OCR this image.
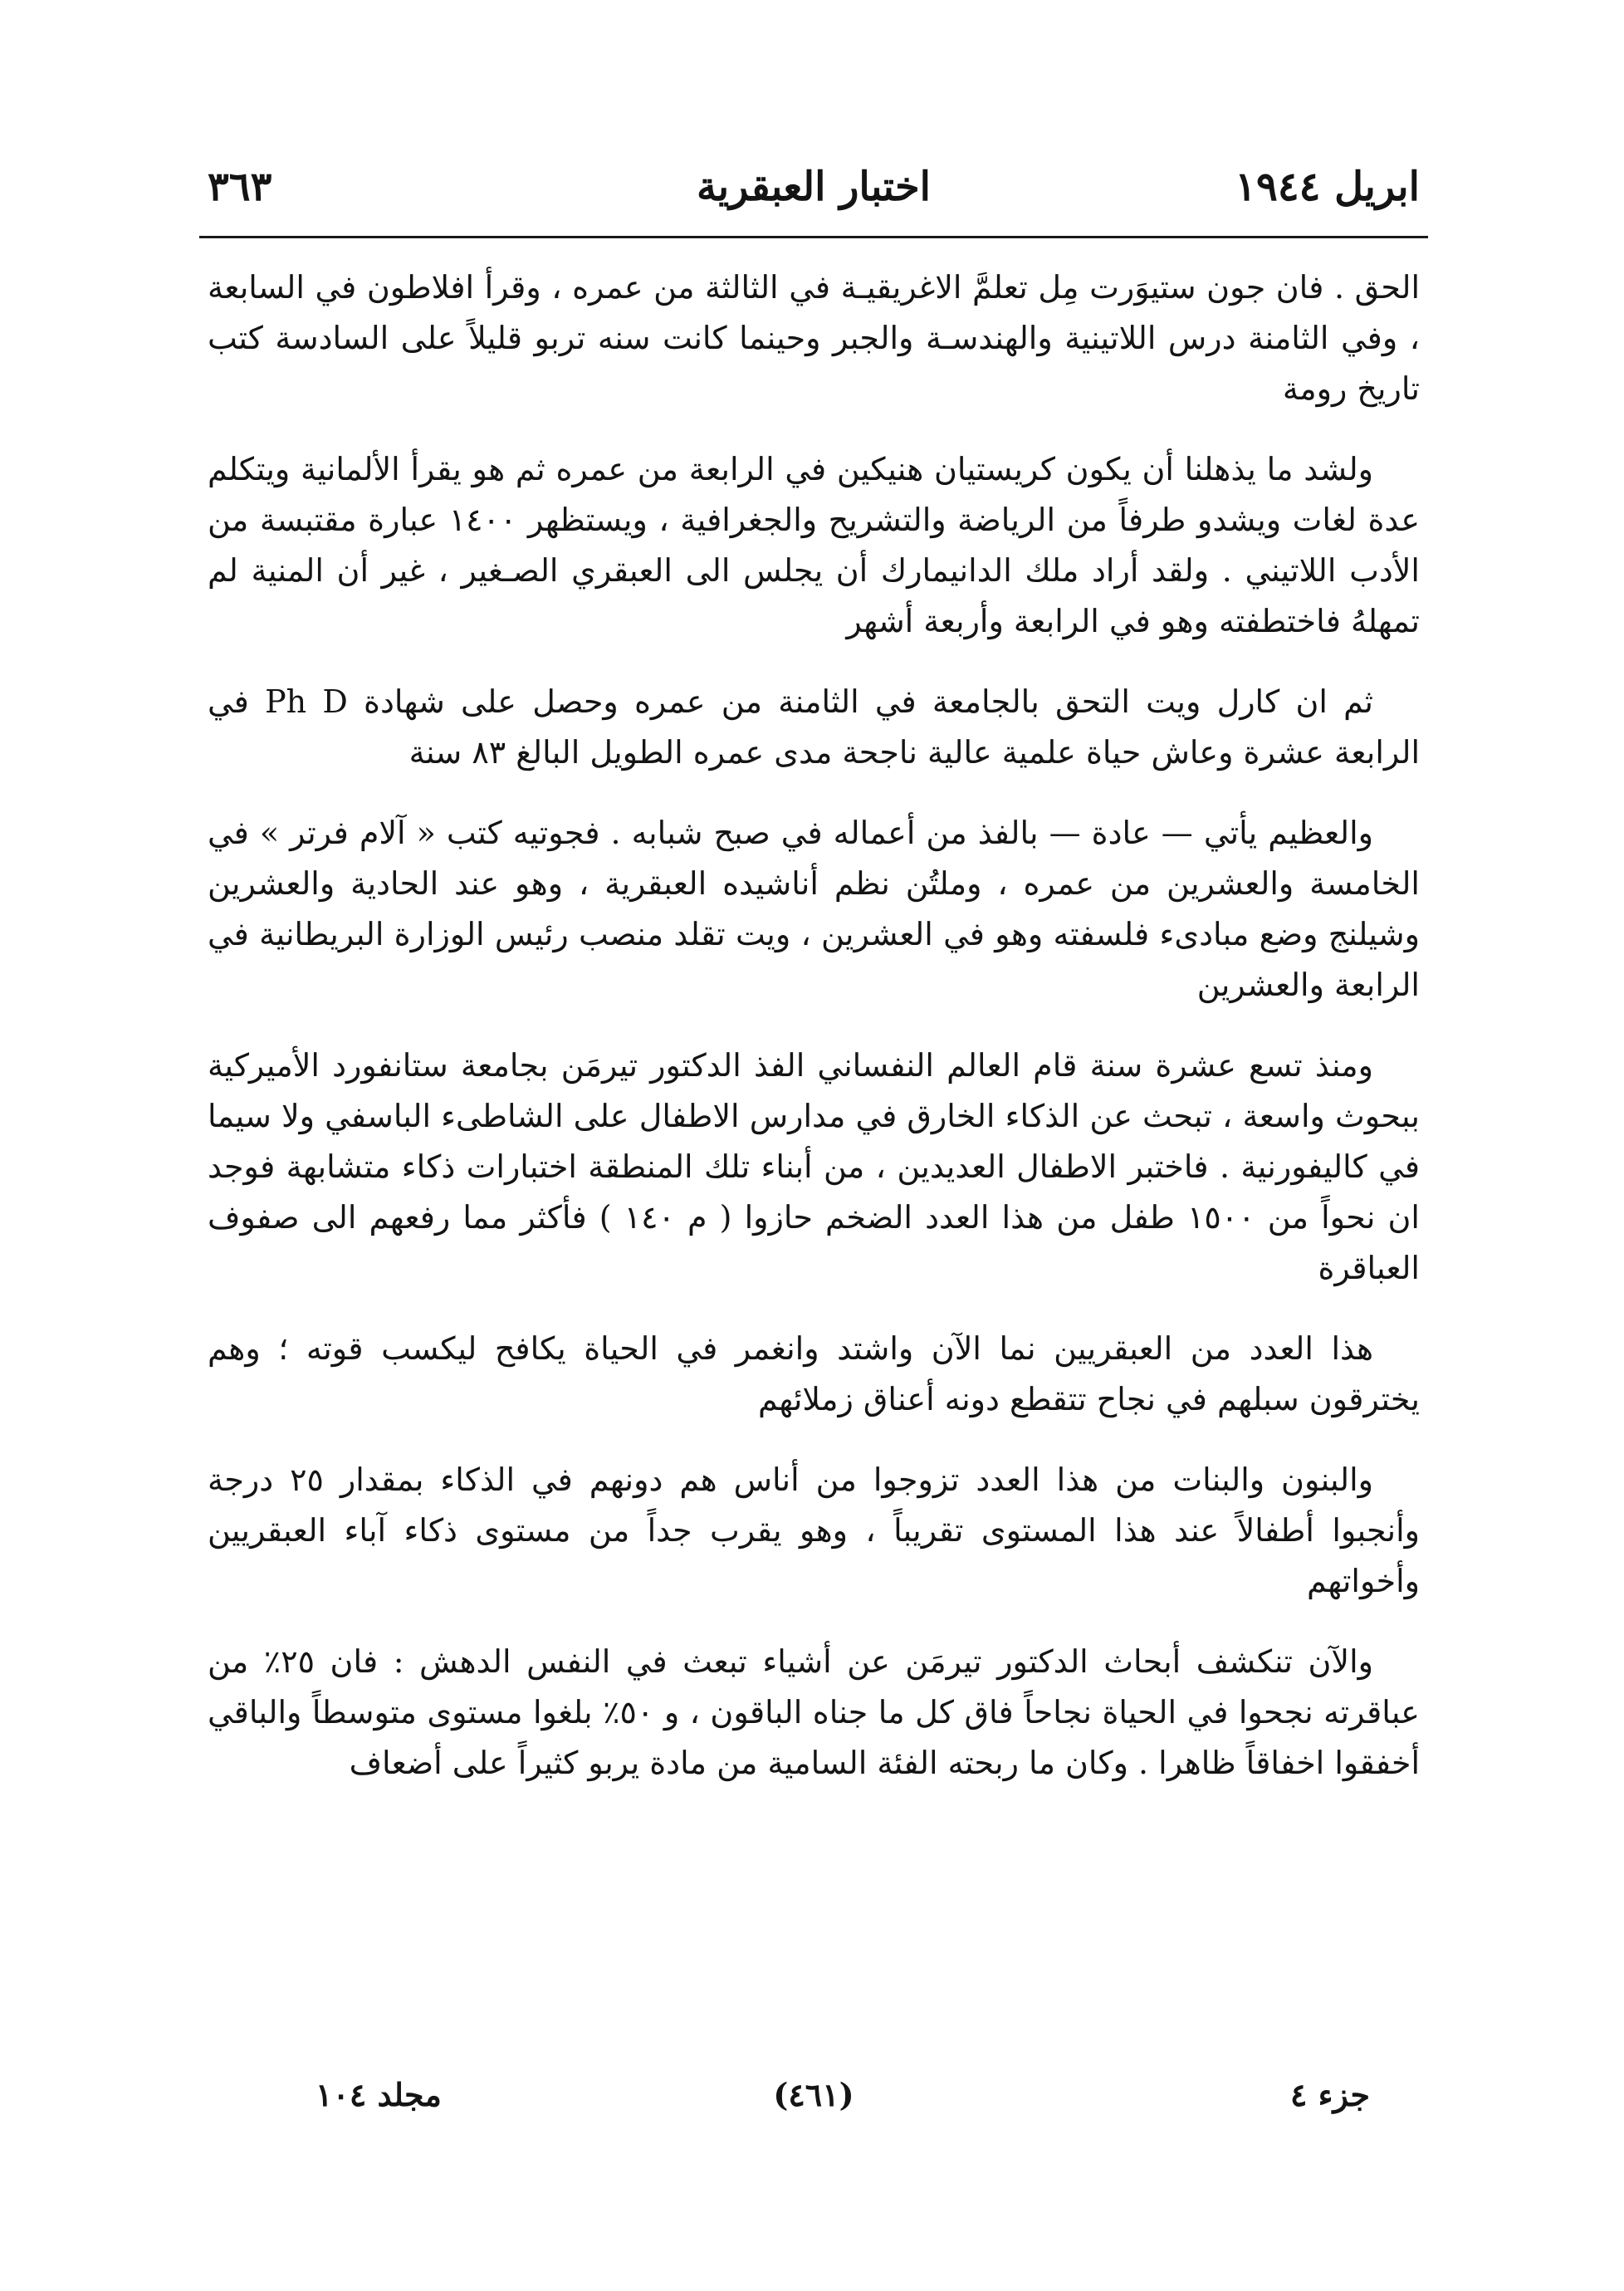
ابريل ١٩٤٤
اختبار العبقرية
٣٦٣

الحق . فان جون ستيوَرت مِل تعلمَّ الاغريقيـة في الثالثة من عمره ، وقرأ افلاطون في السابعة ، وفي الثامنة درس اللاتينية والهندسـة والجبر وحينما كانت سنه تربو قليلاً على السادسة كتب تاريخ رومة

ولشد ما يذهلنا أن يكون كريستيان هنيكين في الرابعة من عمره ثم هو يقرأ الألمانية ويتكلم عدة لغات ويشدو طرفاً من الرياضة والتشريح والجغرافية ، ويستظهر ١٤٠٠ عبارة مقتبسة من الأدب اللاتيني . ولقد أراد ملك الدانيمارك أن يجلس الى العبقري الصـغير ، غير أن المنية لم تمهلهُ فاختطفته وهو في الرابعة وأربعة أشهر

ثم ان كارل ويت التحق بالجامعة في الثامنة من عمره وحصل على شهادة Ph D في الرابعة عشرة وعاش حياة علمية عالية ناجحة مدى عمره الطويل البالغ ٨٣ سنة

والعظيم يأتي — عادة — بالفذ من أعماله في صبح شبابه . فجوتيه كتب « آلام فرتر » في الخامسة والعشرين من عمره ، وملتُن نظم أناشيده العبقرية ، وهو عند الحادية والعشرين وشيلنج وضع مبادىء فلسفته وهو في العشرين ، ويت تقلد منصب رئيس الوزارة البريطانية في الرابعة والعشرين

ومنذ تسع عشرة سنة قام العالم النفساني الفذ الدكتور تيرمَن بجامعة ستانفورد الأميركية ببحوث واسعة ، تبحث عن الذكاء الخارق في مدارس الاطفال على الشاطىء الباسفي ولا سيما في كاليفورنية . فاختبر الاطفال العديدين ، من أبناء تلك المنطقة اختبارات ذكاء متشابهة فوجد ان نحواً من ١٥٠٠ طفل من هذا العدد الضخم حازوا ( م ١٤٠ ) فأكثر مما رفعهم الى صفوف العباقرة

هذا العدد من العبقريين نما الآن واشتد وانغمر في الحياة يكافح ليكسب قوته ؛ وهم يخترقون سبلهم في نجاح تتقطع دونه أعناق زملائهم

والبنون والبنات من هذا العدد تزوجوا من أناس هم دونهم في الذكاء بمقدار ٢٥ درجة وأنجبوا أطفالاً عند هذا المستوى تقريباً ، وهو يقرب جداً من مستوى ذكاء آباء العبقريين وأخواتهم

والآن تنكشف أبحاث الدكتور تيرمَن عن أشياء تبعث في النفس الدهش : فان ٢٥٪ من عباقرته نجحوا في الحياة نجاحاً فاق كل ما جناه الباقون ، و ٥٠٪ بلغوا مستوى متوسطاً والباقي أخفقوا اخفاقاً ظاهرا . وكان ما ربحته الفئة السامية من مادة يربو كثيراً على أضعاف

جزء ٤
(٤٦١)
مجلد ١٠٤
